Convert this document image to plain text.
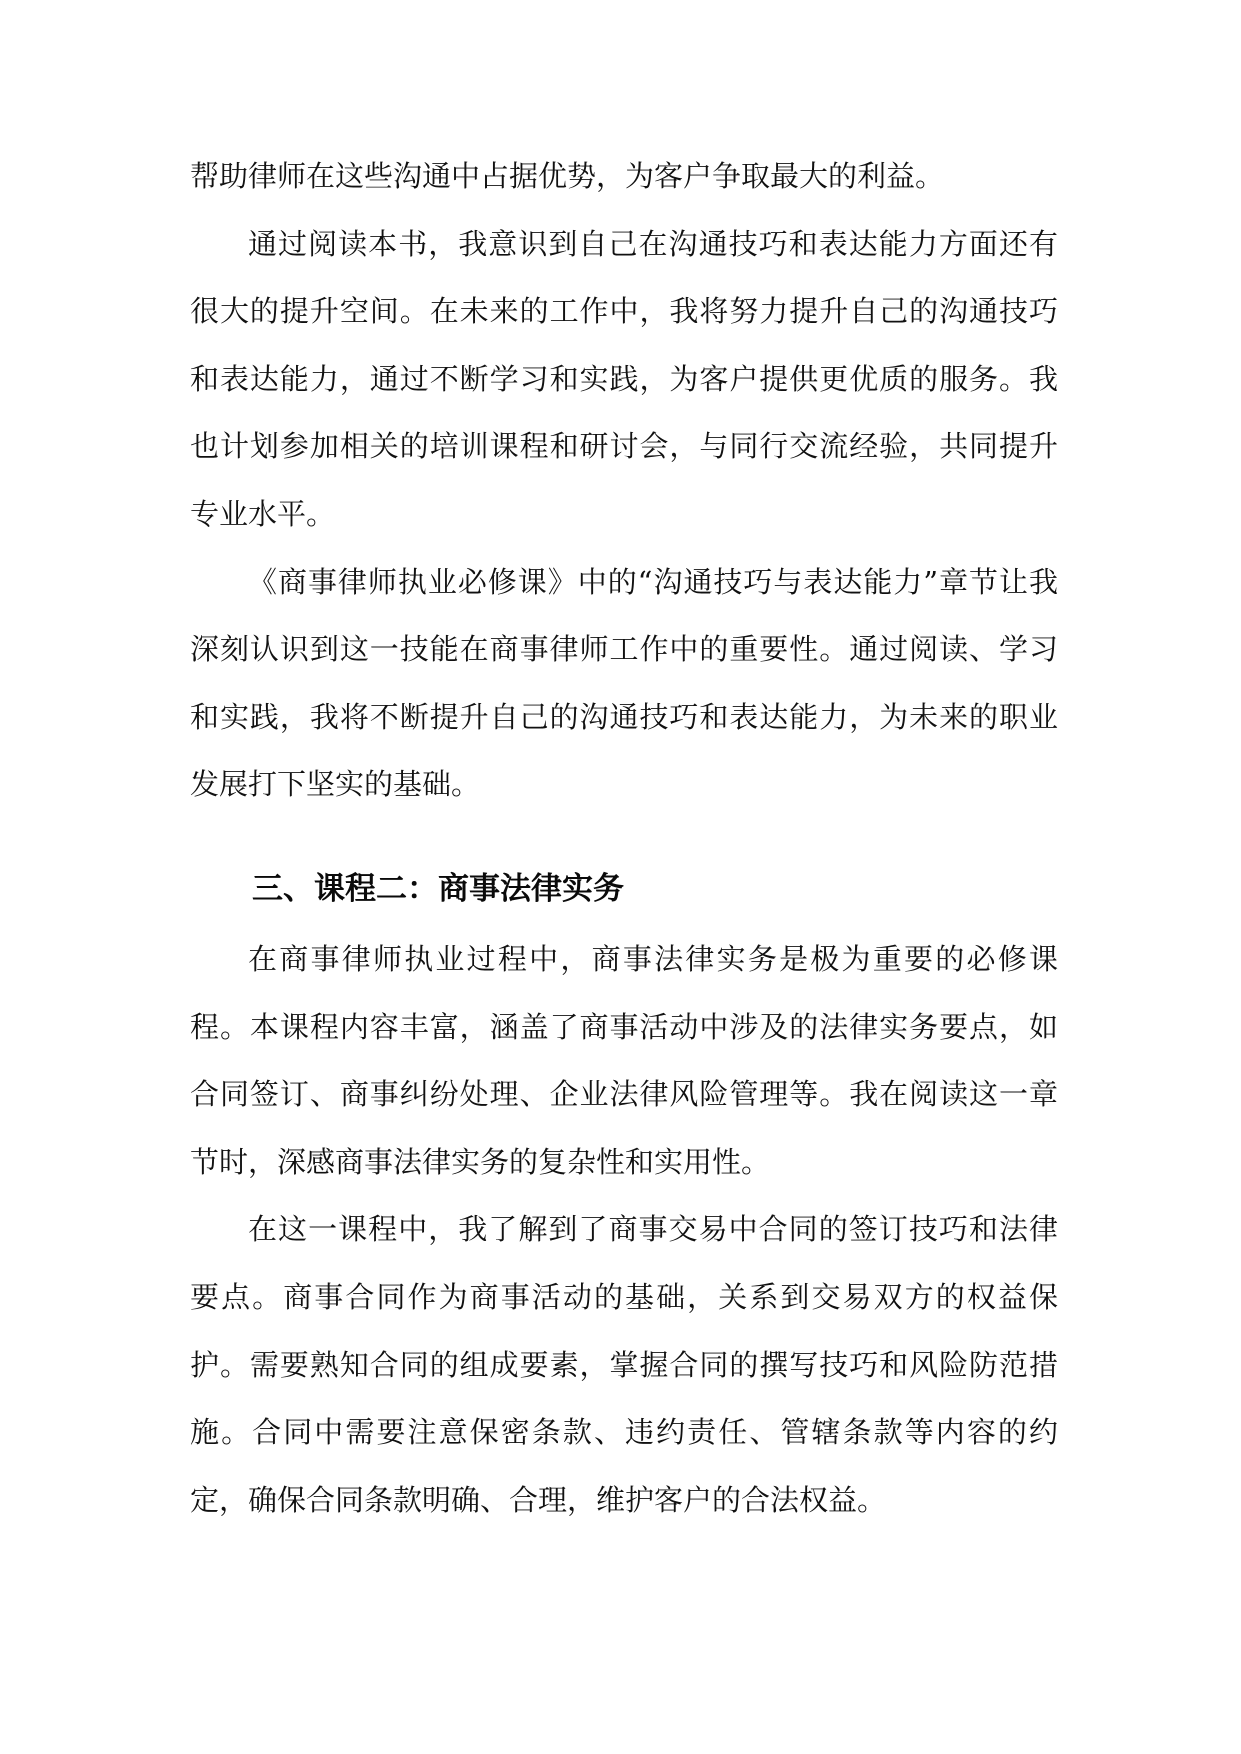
帮助律师在这些沟通中占据优势，为客户争取最大的利益。

通过阅读本书，我意识到自己在沟通技巧和表达能力方面还有很大的提升空间。在未来的工作中，我将努力提升自己的沟通技巧和表达能力，通过不断学习和实践，为客户提供更优质的服务。我也计划参加相关的培训课程和研讨会，与同行交流经验，共同提升专业水平。

《商事律师执业必修课》中的“沟通技巧与表达能力”章节让我深刻认识到这一技能在商事律师工作中的重要性。通过阅读、学习和实践，我将不断提升自己的沟通技巧和表达能力，为未来的职业发展打下坚实的基础。

三、课程二：商事法律实务

在商事律师执业过程中，商事法律实务是极为重要的必修课程。本课程内容丰富，涵盖了商事活动中涉及的法律实务要点，如合同签订、商事纠纷处理、企业法律风险管理等。我在阅读这一章节时，深感商事法律实务的复杂性和实用性。

在这一课程中，我了解到了商事交易中合同的签订技巧和法律要点。商事合同作为商事活动的基础，关系到交易双方的权益保护。需要熟知合同的组成要素，掌握合同的撰写技巧和风险防范措施。合同中需要注意保密条款、违约责任、管辖条款等内容的约定，确保合同条款明确、合理，维护客户的合法权益。
